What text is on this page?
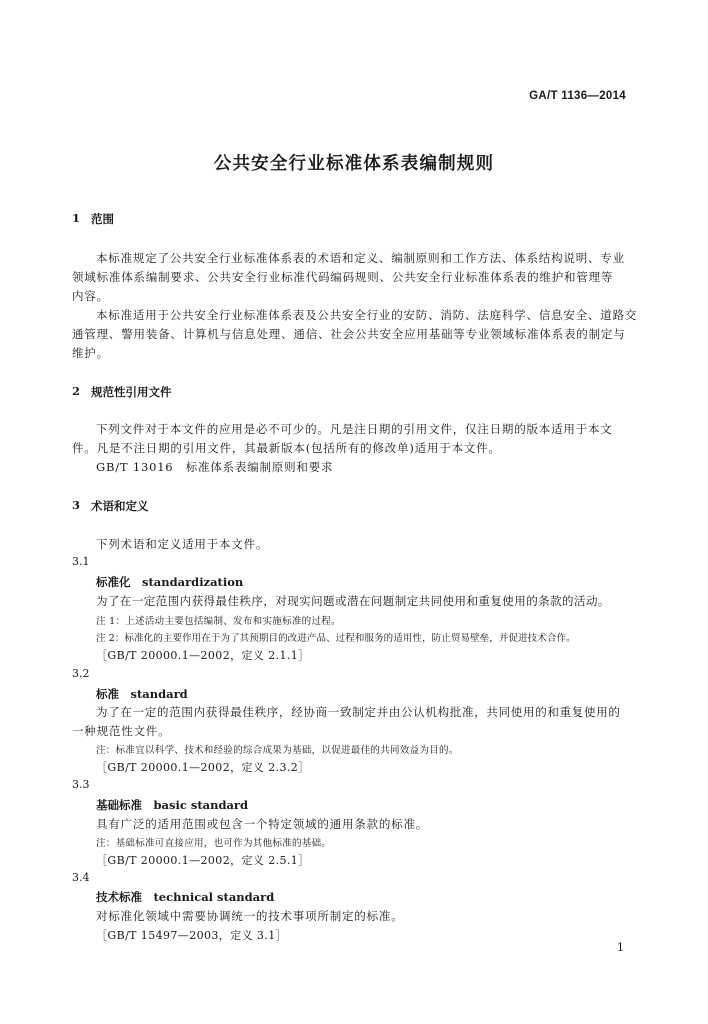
GA/T 1136—2014
公共安全行业标准体系表编制规则
1 范围
本标准规定了公共安全行业标准体系表的术语和定义、编制原则和工作方法、体系结构说明、专业
领域标准体系编制要求、公共安全行业标准代码编码规则、公共安全行业标准体系表的维护和管理等
内容。
本标准适用于公共安全行业标准体系表及公共安全行业的安防、消防、法庭科学、信息安全、道路交
通管理、警用装备、计算机与信息处理、通信、社会公共安全应用基础等专业领域标准体系表的制定与
维护。
2 规范性引用文件
下列文件对于本文件的应用是必不可少的。凡是注日期的引用文件，仅注日期的版本适用于本文
件。凡是不注日期的引用文件，其最新版本(包括所有的修改单)适用于本文件。
GB/T 13016　标准体系表编制原则和要求
3 术语和定义
下列术语和定义适用于本文件。
3.1
标准化　standardization
为了在一定范围内获得最佳秩序，对现实问题或潜在问题制定共同使用和重复使用的条款的活动。
注 1：上述活动主要包括编制、发布和实施标准的过程。
注 2：标准化的主要作用在于为了其预期目的改进产品、过程和服务的适用性，防止贸易壁垒，并促进技术合作。
［GB/T 20000.1—2002，定义 2.1.1］
3.2
标准　standard
为了在一定的范围内获得最佳秩序，经协商一致制定并由公认机构批准，共同使用的和重复使用的
一种规范性文件。
注：标准宜以科学、技术和经验的综合成果为基础，以促进最佳的共同效益为目的。
［GB/T 20000.1—2002，定义 2.3.2］
3.3
基础标准　basic standard
具有广泛的适用范围或包含一个特定领域的通用条款的标准。
注：基础标准可直接应用，也可作为其他标准的基础。
［GB/T 20000.1—2002，定义 2.5.1］
3.4
技术标准　technical standard
对标准化领域中需要协调统一的技术事项所制定的标准。
［GB/T 15497—2003，定义 3.1］
1
